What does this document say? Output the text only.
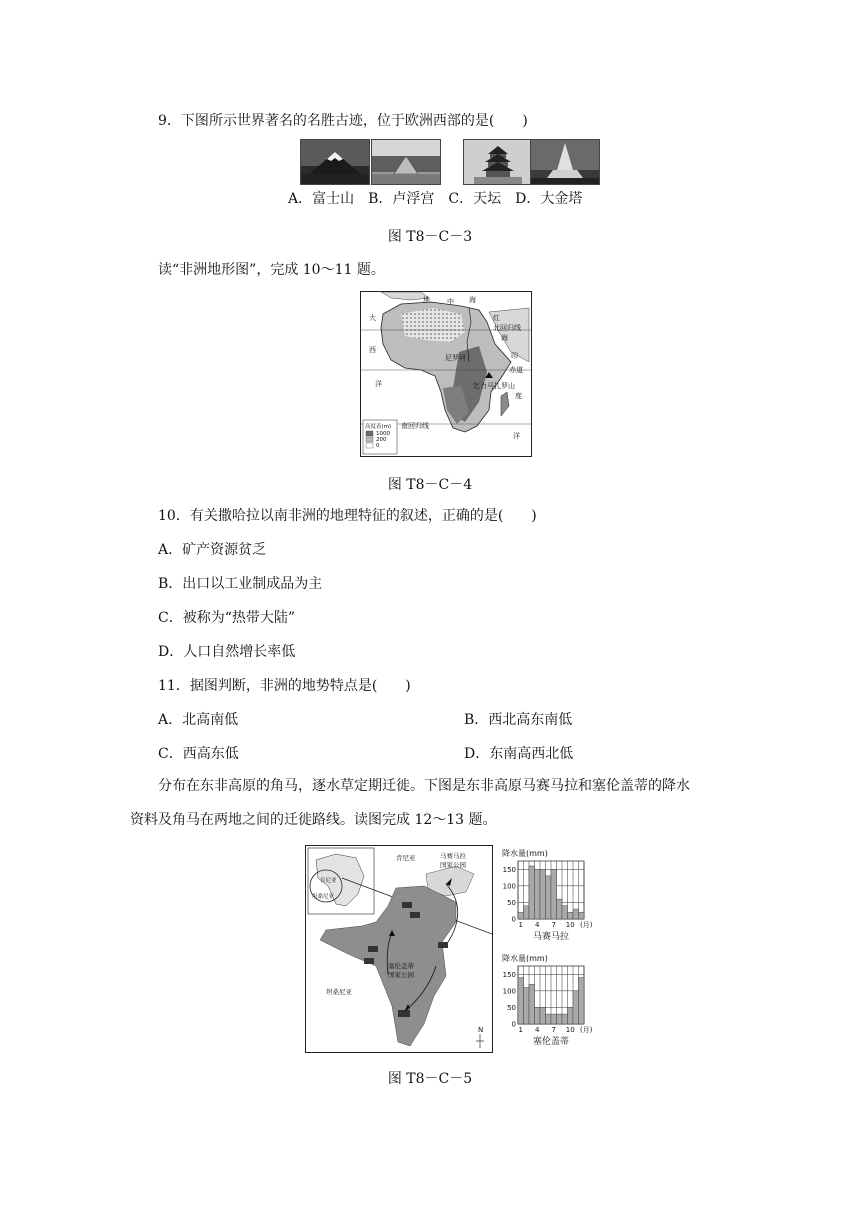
9．下图所示世界著名的名胜古迹，位于欧洲西部的是(　　)
A．富士山　B．卢浮宫　C．天坛　D．大金塔
图 T8－C－3
读“非洲地形图”，完成 10～11 题。
大
西
洋
地 中 海
红
海
北回归线
印
赤道
度
洋
乞力马扎罗山
南回归线
尼罗河
高度表(m)
1000
200
0
图 T8－C－4
10．有关撒哈拉以南非洲的地理特征的叙述，正确的是(　　)
A．矿产资源贫乏
B．出口以工业制成品为主
C．被称为“热带大陆”
D．人口自然增长率低
11．据图判断，非洲的地势特点是(　　)
A．北高南低	B．西北高东南低
C．西高东低	D．东南高西北低
分布在东非高原的角马，逐水草定期迁徙。下图是东非高原马赛马拉和塞伦盖蒂的降水
资料及角马在两地之间的迁徙路线。读图完成 12～13 题。
肯尼亚
坦桑尼亚
肯尼亚	马赛马拉
国家公园
塞伦盖蒂
国家公园
坦桑尼亚
N
降水量(mm)
0
50
100
150
1 4 7 10 (月)
马赛马拉
降水量(mm)
0
50
100
150
1 4 7 10 (月)
塞伦盖蒂
图 T8－C－5
